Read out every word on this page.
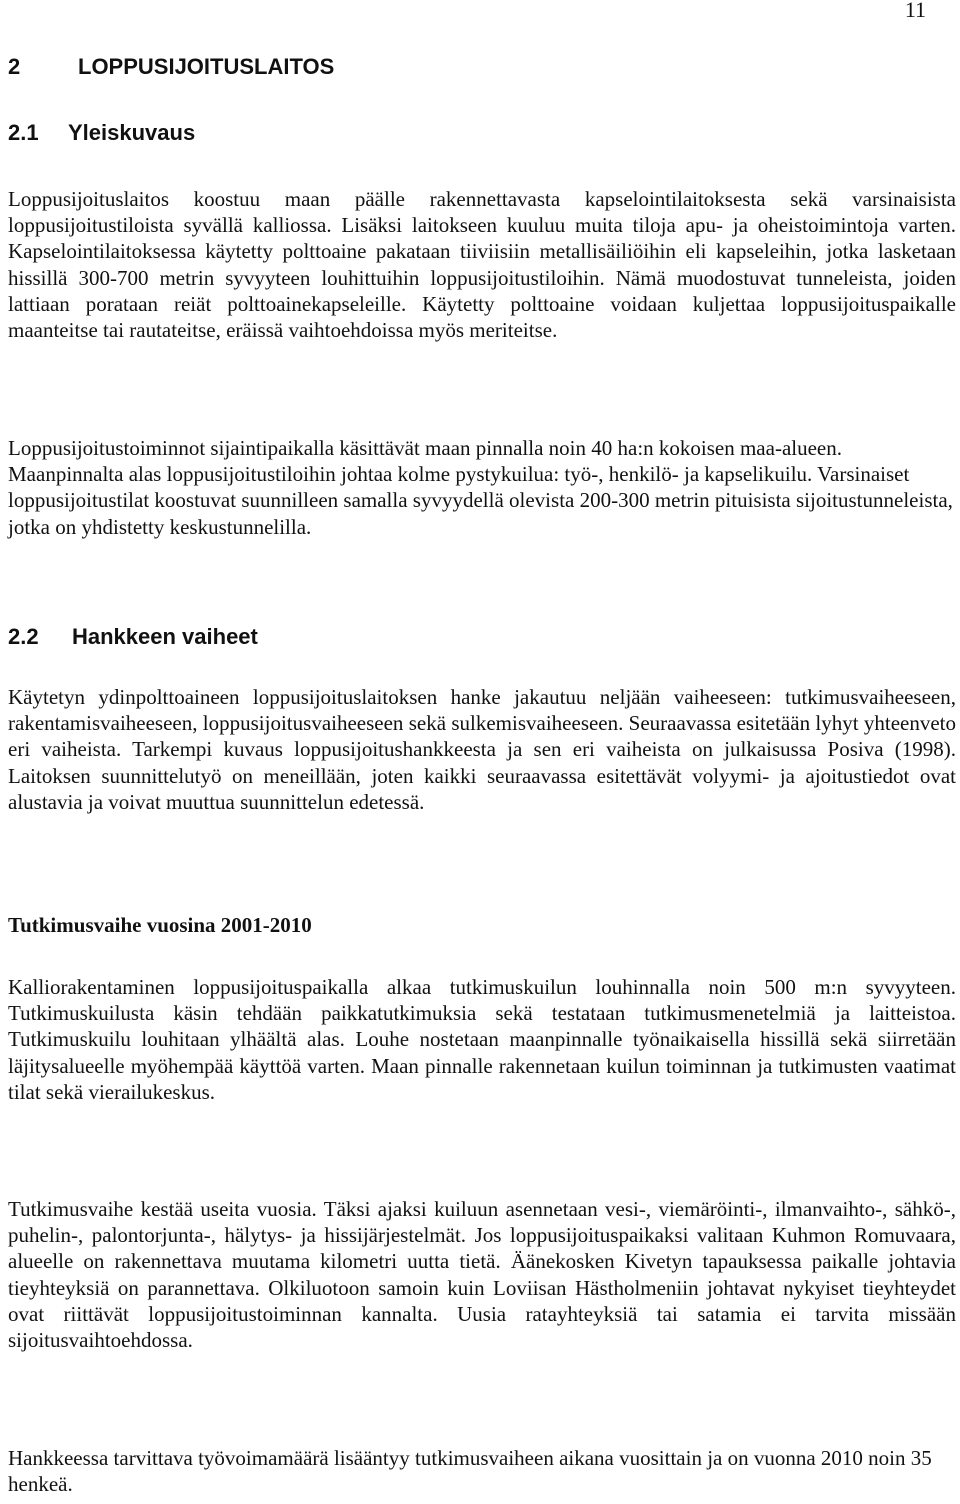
11
2	LOPPUSIJOITUSLAITOS
2.1 Yleiskuvaus

Loppusijoituslaitos koostuu maan päälle rakennettavasta kapselointilaitoksesta sekä varsinaisista loppusijoitustiloista syvällä kalliossa. Lisäksi laitokseen kuuluu muita tiloja apu- ja oheistoimintoja varten. Kapselointilaitoksessa käytetty polttoaine pakataan tiiviisiin metallisäiliöihin eli kapseleihin, jotka lasketaan hissillä 300-700 metrin syvyyteen louhittuihin loppusijoitustiloihin. Nämä muodostuvat tunneleista, joiden lattiaan porataan reiät polttoainekapseleille. Käytetty polttoaine voidaan kuljettaa loppusijoituspaikalle maanteitse tai rautateitse, eräissä vaihtoehdoissa myös meriteitse.

Loppusijoitustoiminnot sijaintipaikalla käsittävät maan pinnalla noin 40 ha:n kokoisen maa-alueen. Maanpinnalta alas loppusijoitustiloihin johtaa kolme pystykuilua: työ-, henkilö- ja kapselikuilu. Varsinaiset loppusijoitustilat koostuvat suunnilleen samalla syvyydellä olevista 200-300 metrin pituisista sijoitustunneleista, jotka on yhdistetty keskustunnelilla.

2.2 Hankkeen vaiheet

Käytetyn ydinpolttoaineen loppusijoituslaitoksen hanke jakautuu neljään vaiheeseen: tutkimusvaiheeseen, rakentamisvaiheeseen, loppusijoitusvaiheeseen sekä sulkemisvaiheeseen. Seuraavassa esitetään lyhyt yhteenveto eri vaiheista. Tarkempi kuvaus loppusijoitushankkeesta ja sen eri vaiheista on julkaisussa Posiva (1998). Laitoksen suunnittelutyö on meneillään, joten kaikki seuraavassa esitettävät volyymi- ja ajoitustiedot ovat alustavia ja voivat muuttua suunnittelun edetessä.

Tutkimusvaihe vuosina 2001-2010

Kalliorakentaminen loppusijoituspaikalla alkaa tutkimuskuilun louhinnalla noin 500 m:n syvyyteen. Tutkimuskuilusta käsin tehdään paikkatutkimuksia sekä testataan tutkimusmenetelmiä ja laitteistoa. Tutkimuskuilu louhitaan ylhäältä alas. Louhe nostetaan maanpinnalle työnaikaisella hissillä sekä siirretään läjitysalueelle myöhempää käyttöä varten. Maan pinnalle rakennetaan kuilun toiminnan ja tutkimusten vaatimat tilat sekä vierailukeskus.

Tutkimusvaihe kestää useita vuosia. Täksi ajaksi kuiluun asennetaan vesi-, viemäröinti-, ilmanvaihto-, sähkö-, puhelin-, palontorjunta-, hälytys- ja hissijärjestelmät. Jos loppusijoituspaikaksi valitaan Kuhmon Romuvaara, alueelle on rakennettava muutama kilometri uutta tietä. Äänekosken Kivetyn tapauksessa paikalle johtavia tieyhteyksiä on parannettava. Olkiluotoon samoin kuin Loviisan Hästholmeniin johtavat nykyiset tieyhteydet ovat riittävät loppusijoitustoiminnan kannalta. Uusia ratayhteyksiä tai satamia ei tarvita missään sijoitusvaihtoehdossa.

Hankkeessa tarvittava työvoimamäärä lisääntyy tutkimusvaiheen aikana vuosittain ja on vuonna 2010 noin 35 henkeä.
